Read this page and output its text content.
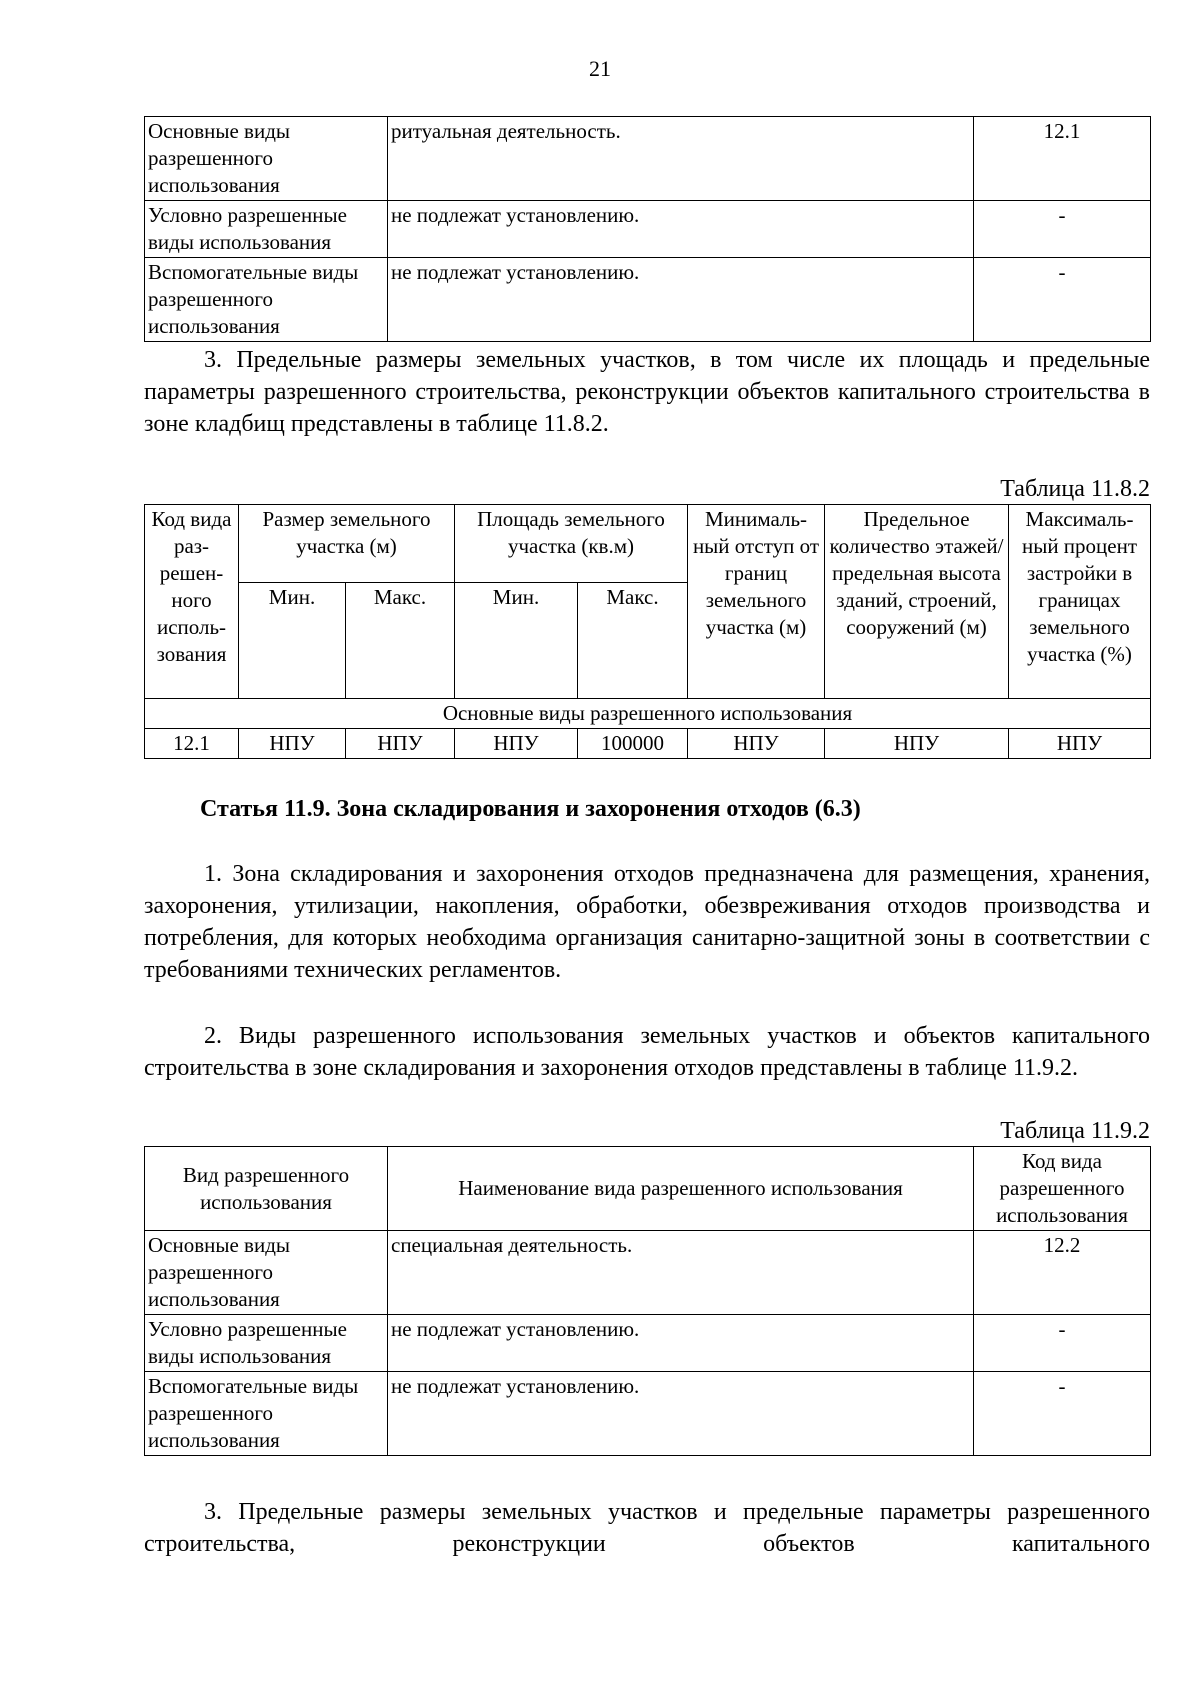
21
Основные виды разрешенного использования	ритуальная деятельность.	12.1
Условно разрешенные виды использования	не подлежат установлению.	-
Вспомогательные виды разрешенного использования	не подлежат установлению.	-

3. Предельные размеры земельных участков, в том числе их площадь и предельные параметры разрешенного строительства, реконструкции объектов капитального строительства в зоне кладбищ представлены в таблице 11.8.2.

Таблица 11.8.2
Код вида раз-решен-ного исполь-зования	Размер земельного участка (м)		Площадь земельного участка (кв.м)		Минималь-ный отступ от границ земельного участка (м)	Предельное количество этажей/ предельная высота зданий, строений, сооружений (м)	Максималь-ный процент застройки в границах земельного участка (%)
	Мин.	Макс.	Мин.	Макс.			
Основные виды разрешенного использования							
12.1	НПУ	НПУ	НПУ	100000	НПУ	НПУ	НПУ
Статья 11.9. Зона складирования и захоронения отходов (6.3)

1. Зона складирования и захоронения отходов предназначена для размещения, хранения, захоронения, утилизации, накопления, обработки, обезвреживания отходов производства и потребления, для которых необходима организация санитарно-защитной зоны в соответствии с требованиями технических регламентов.

2. Виды разрешенного использования земельных участков и объектов капитального строительства в зоне складирования и захоронения отходов представлены в таблице 11.9.2.

Таблица 11.9.2
Вид разрешенного использования	Наименование вида разрешенного использования	Код вида разрешенного использования
Основные виды разрешенного использования	специальная деятельность.	12.2
Условно разрешенные виды использования	не подлежат установлению.	-
Вспомогательные виды разрешенного использования	не подлежат установлению.	-

3. Предельные размеры земельных участков и предельные параметры разрешенного строительства, реконструкции объектов капитального
